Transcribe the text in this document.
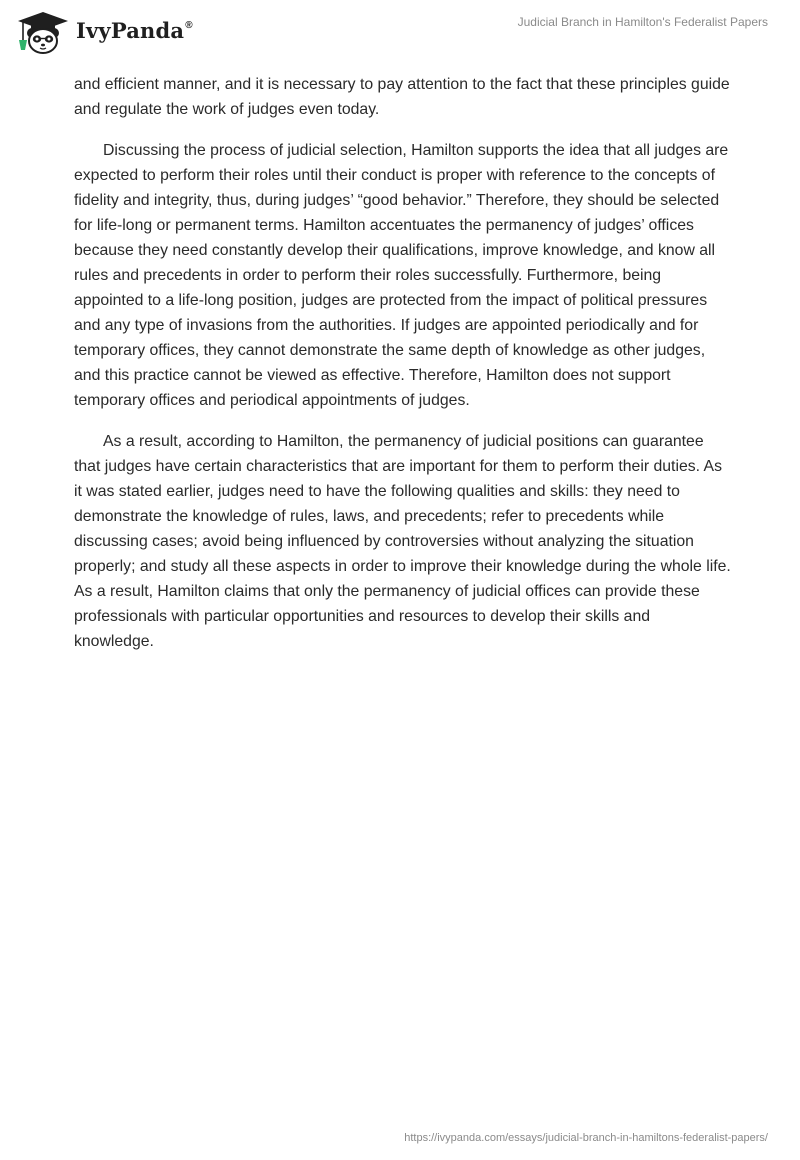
IvyPanda®	Judicial Branch in Hamilton's Federalist Papers

and efficient manner, and it is necessary to pay attention to the fact that these principles guide and regulate the work of judges even today.

Discussing the process of judicial selection, Hamilton supports the idea that all judges are expected to perform their roles until their conduct is proper with reference to the concepts of fidelity and integrity, thus, during judges’ “good behavior.” Therefore, they should be selected for life-long or permanent terms. Hamilton accentuates the permanency of judges’ offices because they need constantly develop their qualifications, improve knowledge, and know all rules and precedents in order to perform their roles successfully. Furthermore, being appointed to a life-long position, judges are protected from the impact of political pressures and any type of invasions from the authorities. If judges are appointed periodically and for temporary offices, they cannot demonstrate the same depth of knowledge as other judges, and this practice cannot be viewed as effective. Therefore, Hamilton does not support temporary offices and periodical appointments of judges.

As a result, according to Hamilton, the permanency of judicial positions can guarantee that judges have certain characteristics that are important for them to perform their duties. As it was stated earlier, judges need to have the following qualities and skills: they need to demonstrate the knowledge of rules, laws, and precedents; refer to precedents while discussing cases; avoid being influenced by controversies without analyzing the situation properly; and study all these aspects in order to improve their knowledge during the whole life. As a result, Hamilton claims that only the permanency of judicial offices can provide these professionals with particular opportunities and resources to develop their skills and knowledge.

https://ivypanda.com/essays/judicial-branch-in-hamiltons-federalist-papers/
